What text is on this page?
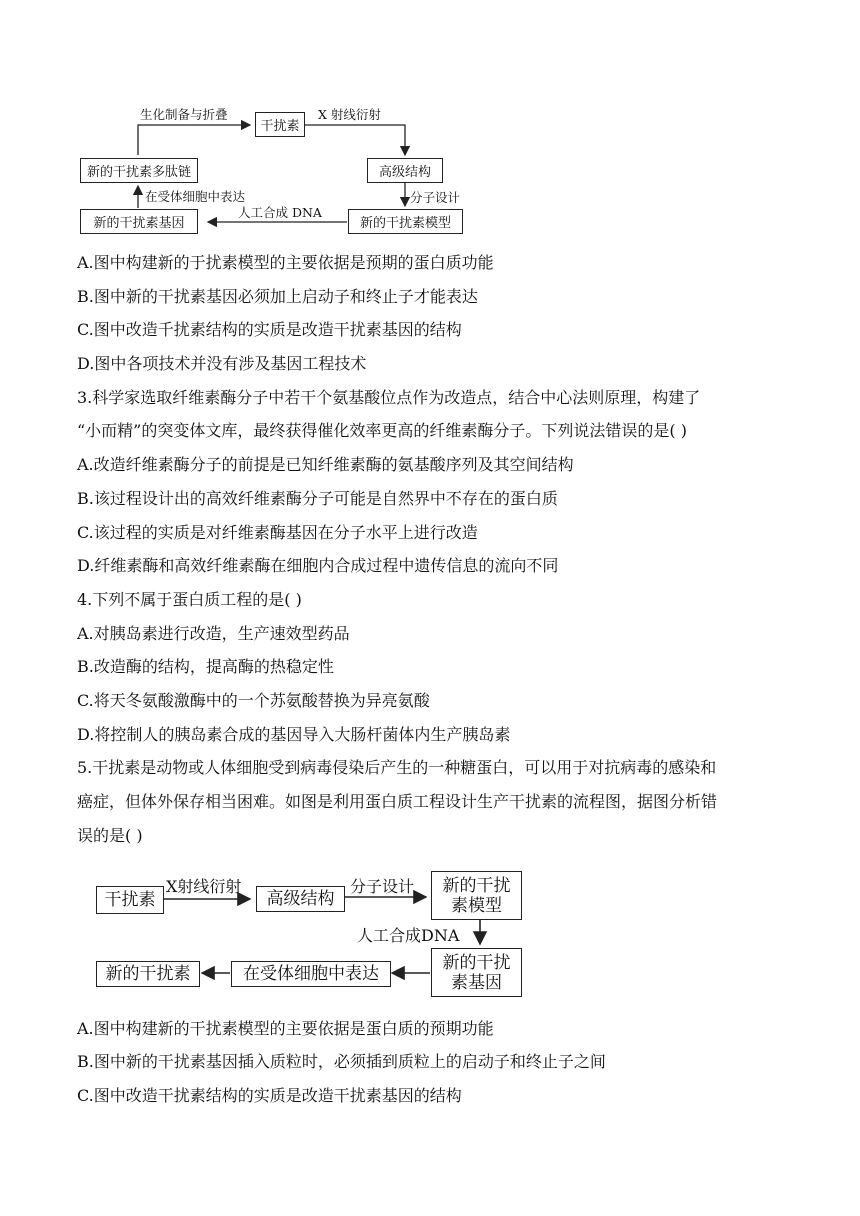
干扰素
高级结构
新的干扰素模型
新的干扰素基因
新的干扰素多肽链
生化制备与折叠	X 射线衍射
分子设计
人工合成 DNA
在受体细胞中表达
A.图中构建新的于扰素模型的主要依据是预期的蛋白质功能
B.图中新的干扰素基因必须加上启动子和终止子才能表达
C.图中改造千扰素结构的实质是改造干扰素基因的结构
D.图中各项技术并没有涉及基因工程技术
3.科学家选取纤维素酶分子中若干个氨基酸位点作为改造点，结合中心法则原理，构建了
“小而精”的突变体文库，最终获得催化效率更高的纤维素酶分子。下列说法错误的是( )
A.改造纤维素酶分子的前提是已知纤维素酶的氨基酸序列及其空间结构
B.该过程设计出的高效纤维素酶分子可能是自然界中不存在的蛋白质
C.该过程的实质是对纤维素酶基因在分子水平上进行改造
D.纤维素酶和高效纤维素酶在细胞内合成过程中遗传信息的流向不同
4.下列不属于蛋白质工程的是( )
A.对胰岛素进行改造，生产速效型药品
B.改造酶的结构，提高酶的热稳定性
C.将天冬氨酸激酶中的一个苏氨酸替换为异亮氨酸
D.将控制人的胰岛素合成的基因导入大肠杆菌体内生产胰岛素
5.干扰素是动物或人体细胞受到病毒侵染后产生的一种糖蛋白，可以用于对抗病毒的感染和
癌症，但体外保存相当困难。如图是利用蛋白质工程设计生产干扰素的流程图，据图分析错
误的是( )
干扰素	高级结构
新的干扰
素模型
新的干扰
素基因
在受体细胞中表达
新的干扰素
X射线衍射	分子设计
人工合成DNA
A.图中构建新的干扰素模型的主要依据是蛋白质的预期功能
B.图中新的干扰素基因插入质粒时，必须插到质粒上的启动子和终止子之间
C.图中改造干扰素结构的实质是改造干扰素基因的结构
